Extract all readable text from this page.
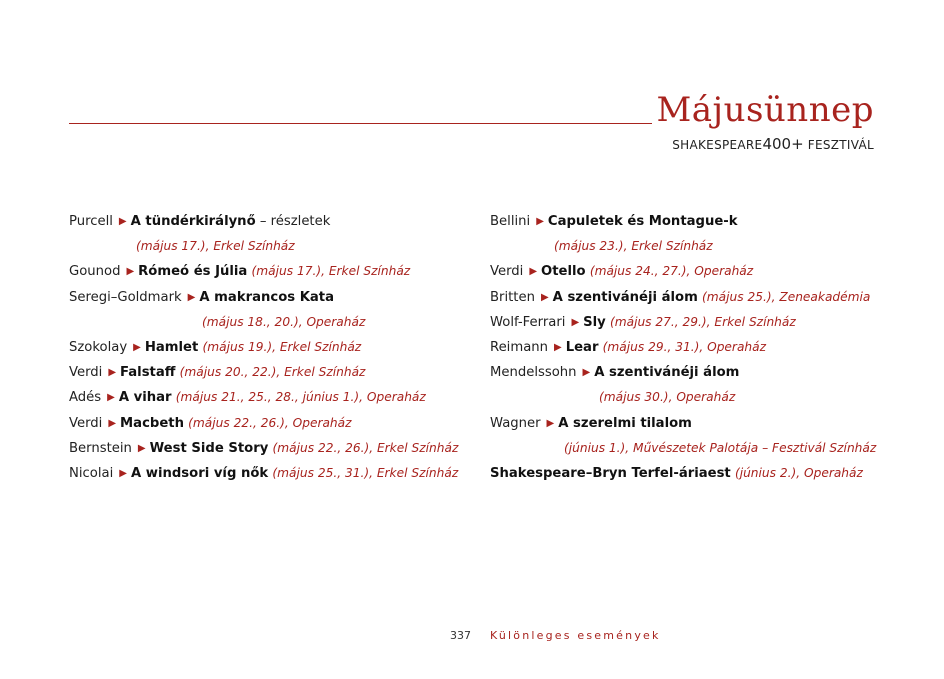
Májusünnep
SHAKESPEARE400+ FESZTIVÁL
Purcell ▶ A tündérkirálynő – részletek
(május 17.), Erkel Színház
Gounod ▶ Rómeó és Júlia (május 17.), Erkel Színház
Seregi–Goldmark ▶ A makrancos Kata
(május 18., 20.), Operaház
Szokolay ▶ Hamlet (május 19.), Erkel Színház
Verdi ▶ Falstaff (május 20., 22.), Erkel Színház
Adés ▶ A vihar (május 21., 25., 28., június 1.), Operaház
Verdi ▶ Macbeth (május 22., 26.), Operaház
Bernstein ▶ West Side Story (május 22., 26.), Erkel Színház
Nicolai ▶ A windsori víg nők (május 25., 31.), Erkel Színház
Bellini ▶ Capuletek és Montague-k
(május 23.), Erkel Színház
Verdi ▶ Otello (május 24., 27.), Operaház
Britten ▶ A szentivánéji álom (május 25.), Zeneakadémia
Wolf-Ferrari ▶ Sly (május 27., 29.), Erkel Színház
Reimann ▶ Lear (május 29., 31.), Operaház
Mendelssohn ▶ A szentivánéji álom
(május 30.), Operaház
Wagner ▶ A szerelmi tilalom
(június 1.), Művészetek Palotája – Fesztivál Színház
Shakespeare–Bryn Terfel-áriaest (június 2.), Operaház
337 Különleges események
